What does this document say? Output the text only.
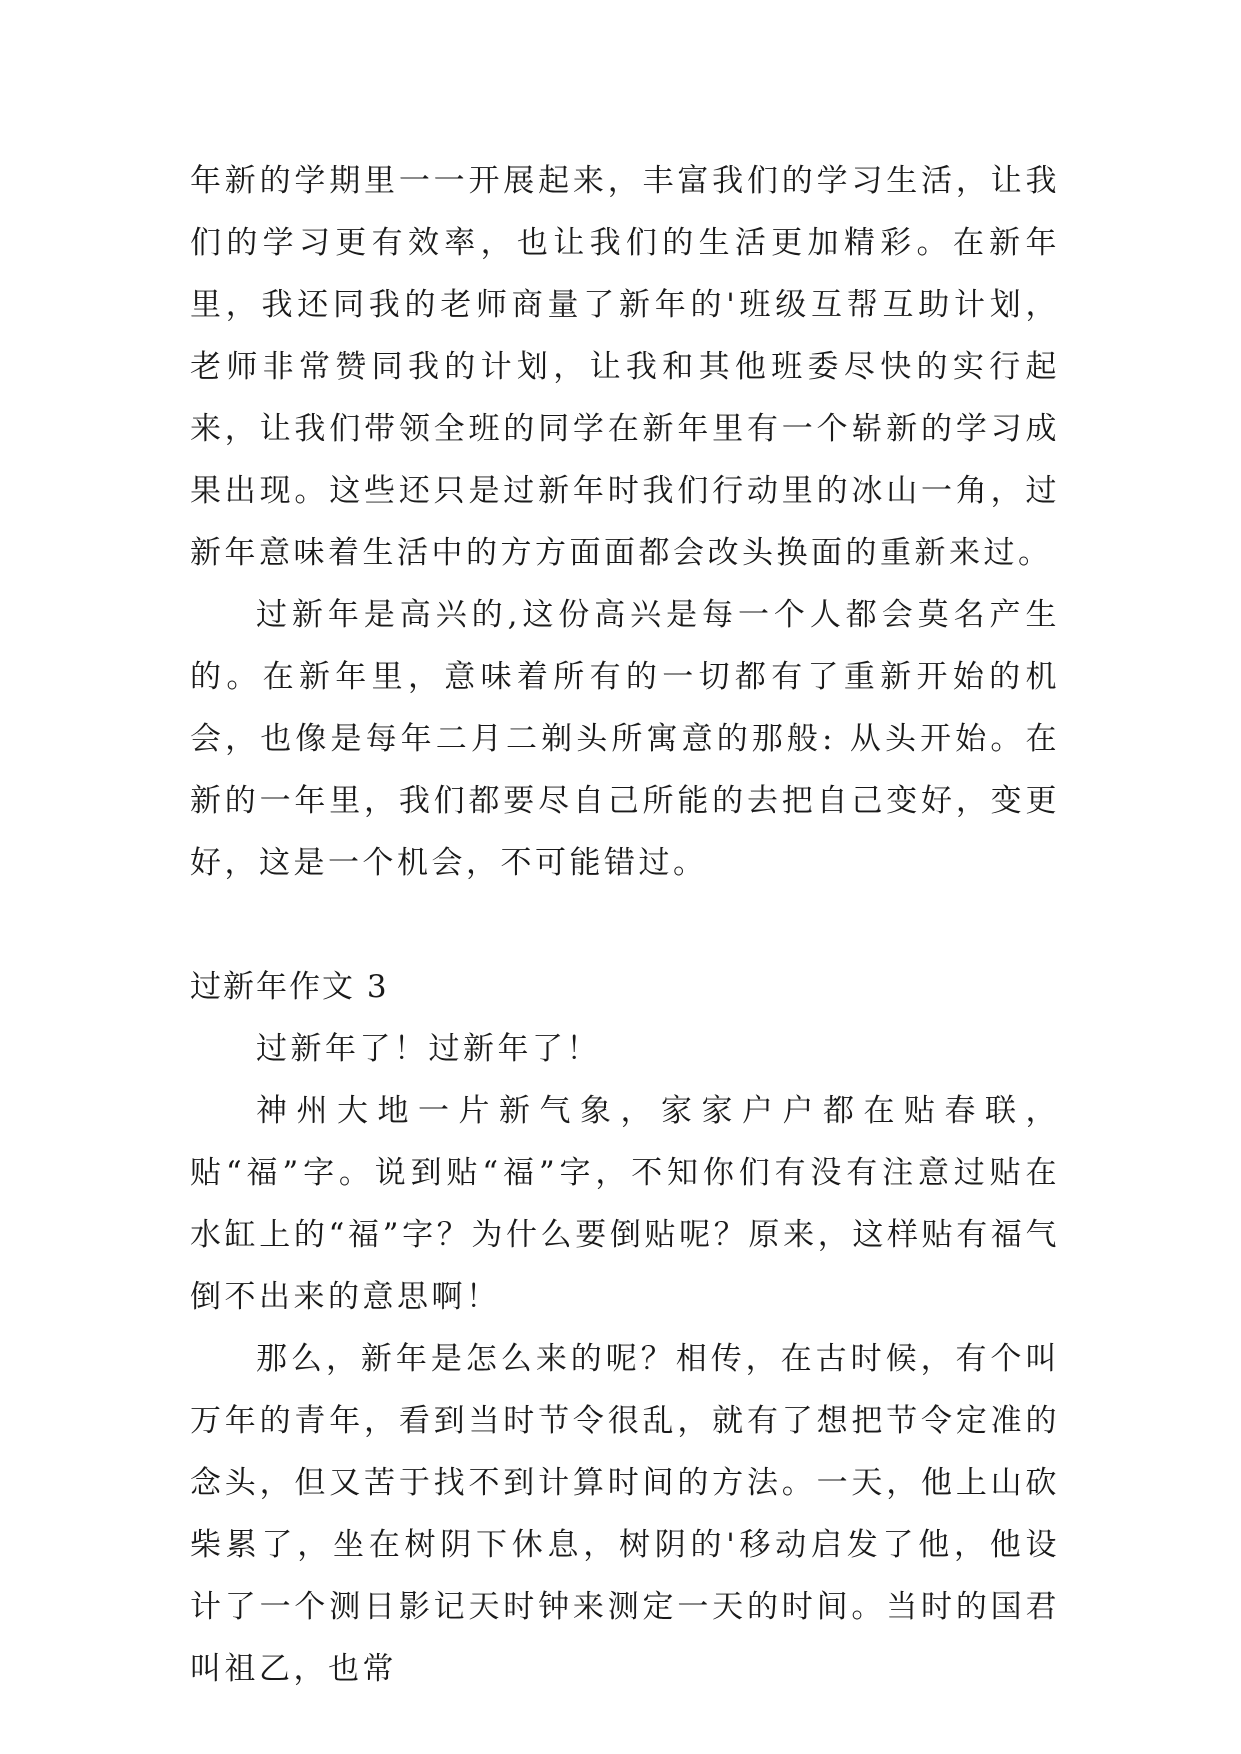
年新的学期里一一开展起来，丰富我们的学习生活，让我们的学习更有效率，也让我们的生活更加精彩。在新年里，我还同我的老师商量了新年的'班级互帮互助计划，老师非常赞同我的计划，让我和其他班委尽快的实行起来，让我们带领全班的同学在新年里有一个崭新的学习成果出现。这些还只是过新年时我们行动里的冰山一角，过新年意味着生活中的方方面面都会改头换面的重新来过。

过新年是高兴的,这份高兴是每一个人都会莫名产生的。在新年里，意味着所有的一切都有了重新开始的机会，也像是每年二月二剃头所寓意的那般: 从头开始。在新的一年里，我们都要尽自己所能的去把自己变好，变更好，这是一个机会，不可能错过。

过新年作文 3

过新年了！过新年了！

神州大地一片新气象，家家户户都在贴春联，贴“福”字。说到贴“福”字，不知你们有没有注意过贴在水缸上的“福”字？为什么要倒贴呢？原来，这样贴有福气倒不出来的意思啊！

那么，新年是怎么来的呢？相传，在古时候，有个叫万年的青年，看到当时节令很乱，就有了想把节令定准的念头，但又苦于找不到计算时间的方法。一天，他上山砍柴累了，坐在树阴下休息，树阴的'移动启发了他，他设计了一个测日影记天时钟来测定一天的时间。当时的国君叫祖乙，也常
